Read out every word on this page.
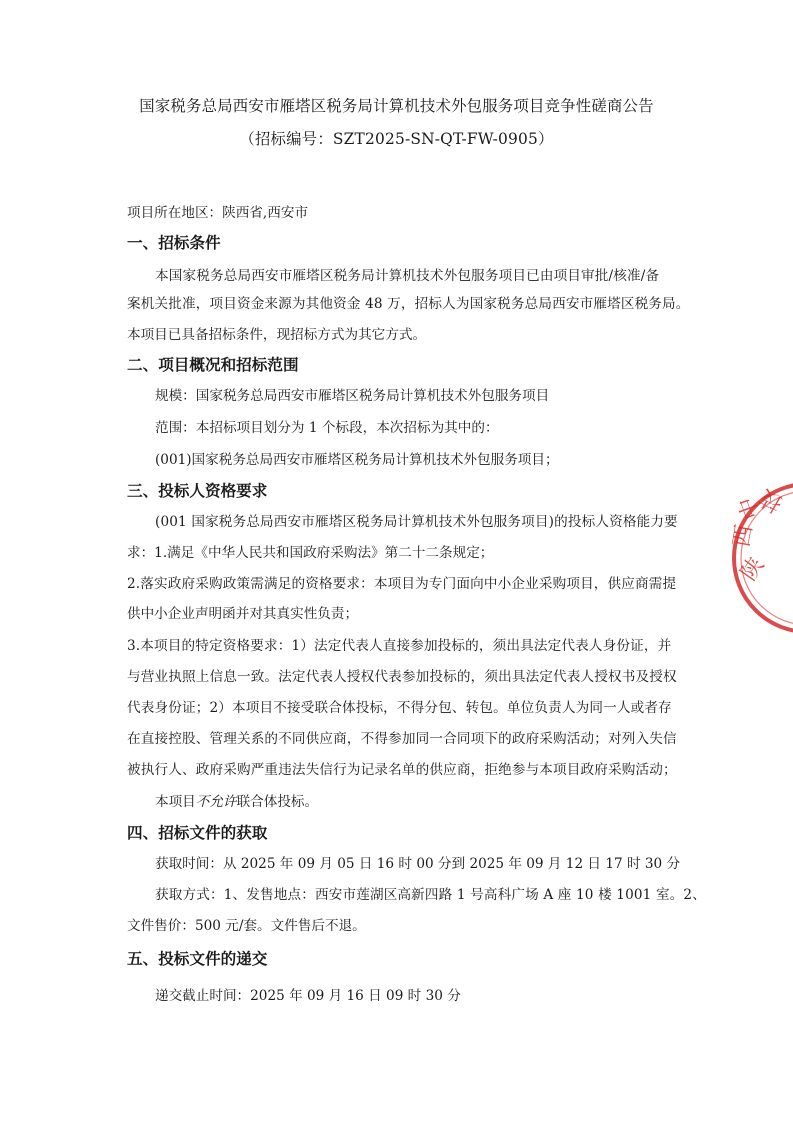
国家税务总局西安市雁塔区税务局计算机技术外包服务项目竞争性磋商公告
（招标编号：SZT2025-SN-QT-FW-0905）
项目所在地区：陕西省,西安市
一、招标条件
本国家税务总局西安市雁塔区税务局计算机技术外包服务项目已由项目审批/核准/备
案机关批准，项目资金来源为其他资金 48 万，招标人为国家税务总局西安市雁塔区税务局。
本项目已具备招标条件，现招标方式为其它方式。
二、项目概况和招标范围
规模：国家税务总局西安市雁塔区税务局计算机技术外包服务项目
范围：本招标项目划分为 1 个标段，本次招标为其中的：
(001)国家税务总局西安市雁塔区税务局计算机技术外包服务项目；
三、投标人资格要求
(001 国家税务总局西安市雁塔区税务局计算机技术外包服务项目)的投标人资格能力要
求：1.满足《中华人民共和国政府采购法》第二十二条规定；
2.落实政府采购政策需满足的资格要求：本项目为专门面向中小企业采购项目，供应商需提
供中小企业声明函并对其真实性负责；
3.本项目的特定资格要求：1）法定代表人直接参加投标的，须出具法定代表人身份证，并
与营业执照上信息一致。法定代表人授权代表参加投标的，须出具法定代表人授权书及授权
代表身份证；2）本项目不接受联合体投标，不得分包、转包。单位负责人为同一人或者存
在直接控股、管理关系的不同供应商，不得参加同一合同项下的政府采购活动；对列入失信
被执行人、政府采购严重违法失信行为记录名单的供应商，拒绝参与本项目政府采购活动；
本项目不允许联合体投标。
四、招标文件的获取
获取时间：从 2025 年 09 月 05 日 16 时 00 分到 2025 年 09 月 12 日 17 时 30 分
获取方式：1、发售地点：西安市莲湖区高新四路 1 号高科广场 A 座 10 楼 1001 室。2、
文件售价：500 元/套。文件售后不退。
五、投标文件的递交
递交截止时间：2025 年 09 月 16 日 09 时 30 分
陕
西
中
技
